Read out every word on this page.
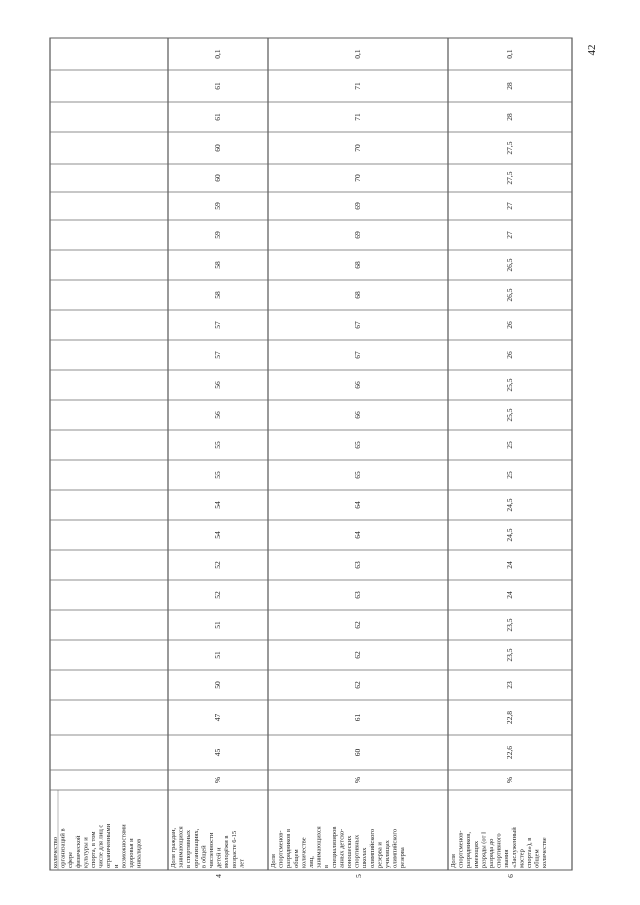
42
количество организаций в сфере физической культуры и спорта, в том числе для лиц с ограниченными и возможностями здоровья и инвалидов
4
Доля граждан, занимающихся в спортивных организациях, в общей численности детей и молодёжи в возрасте 6-15 лет
%
45
47
50
51
51
52
52
54
54
55
55
56
56
57
57
58
58
59
59
60
60
61
61
0,1
5
Доля спортсменов- разрядников в общем количестве лиц, занимающихся в специализиров анных детско- юношеских спортивных школах олимпийского резерва и училищах олимпийского резерва
%
60
61
62
62
62
63
63
64
64
65
65
66
66
67
67
68
68
69
69
70
70
71
71
0,1
6
Доля спортсменов- разрядников, имеющих разряды (от I разряда до спортивного звания «Заслуженный мастер спорта»), в общем количестве
%
22,6
22,8
23
23,5
23,5
24
24
24,5
24,5
25
25
25,5
25,5
26
26
26,5
26,5
27
27
27,5
27,5
28
28
0,1
